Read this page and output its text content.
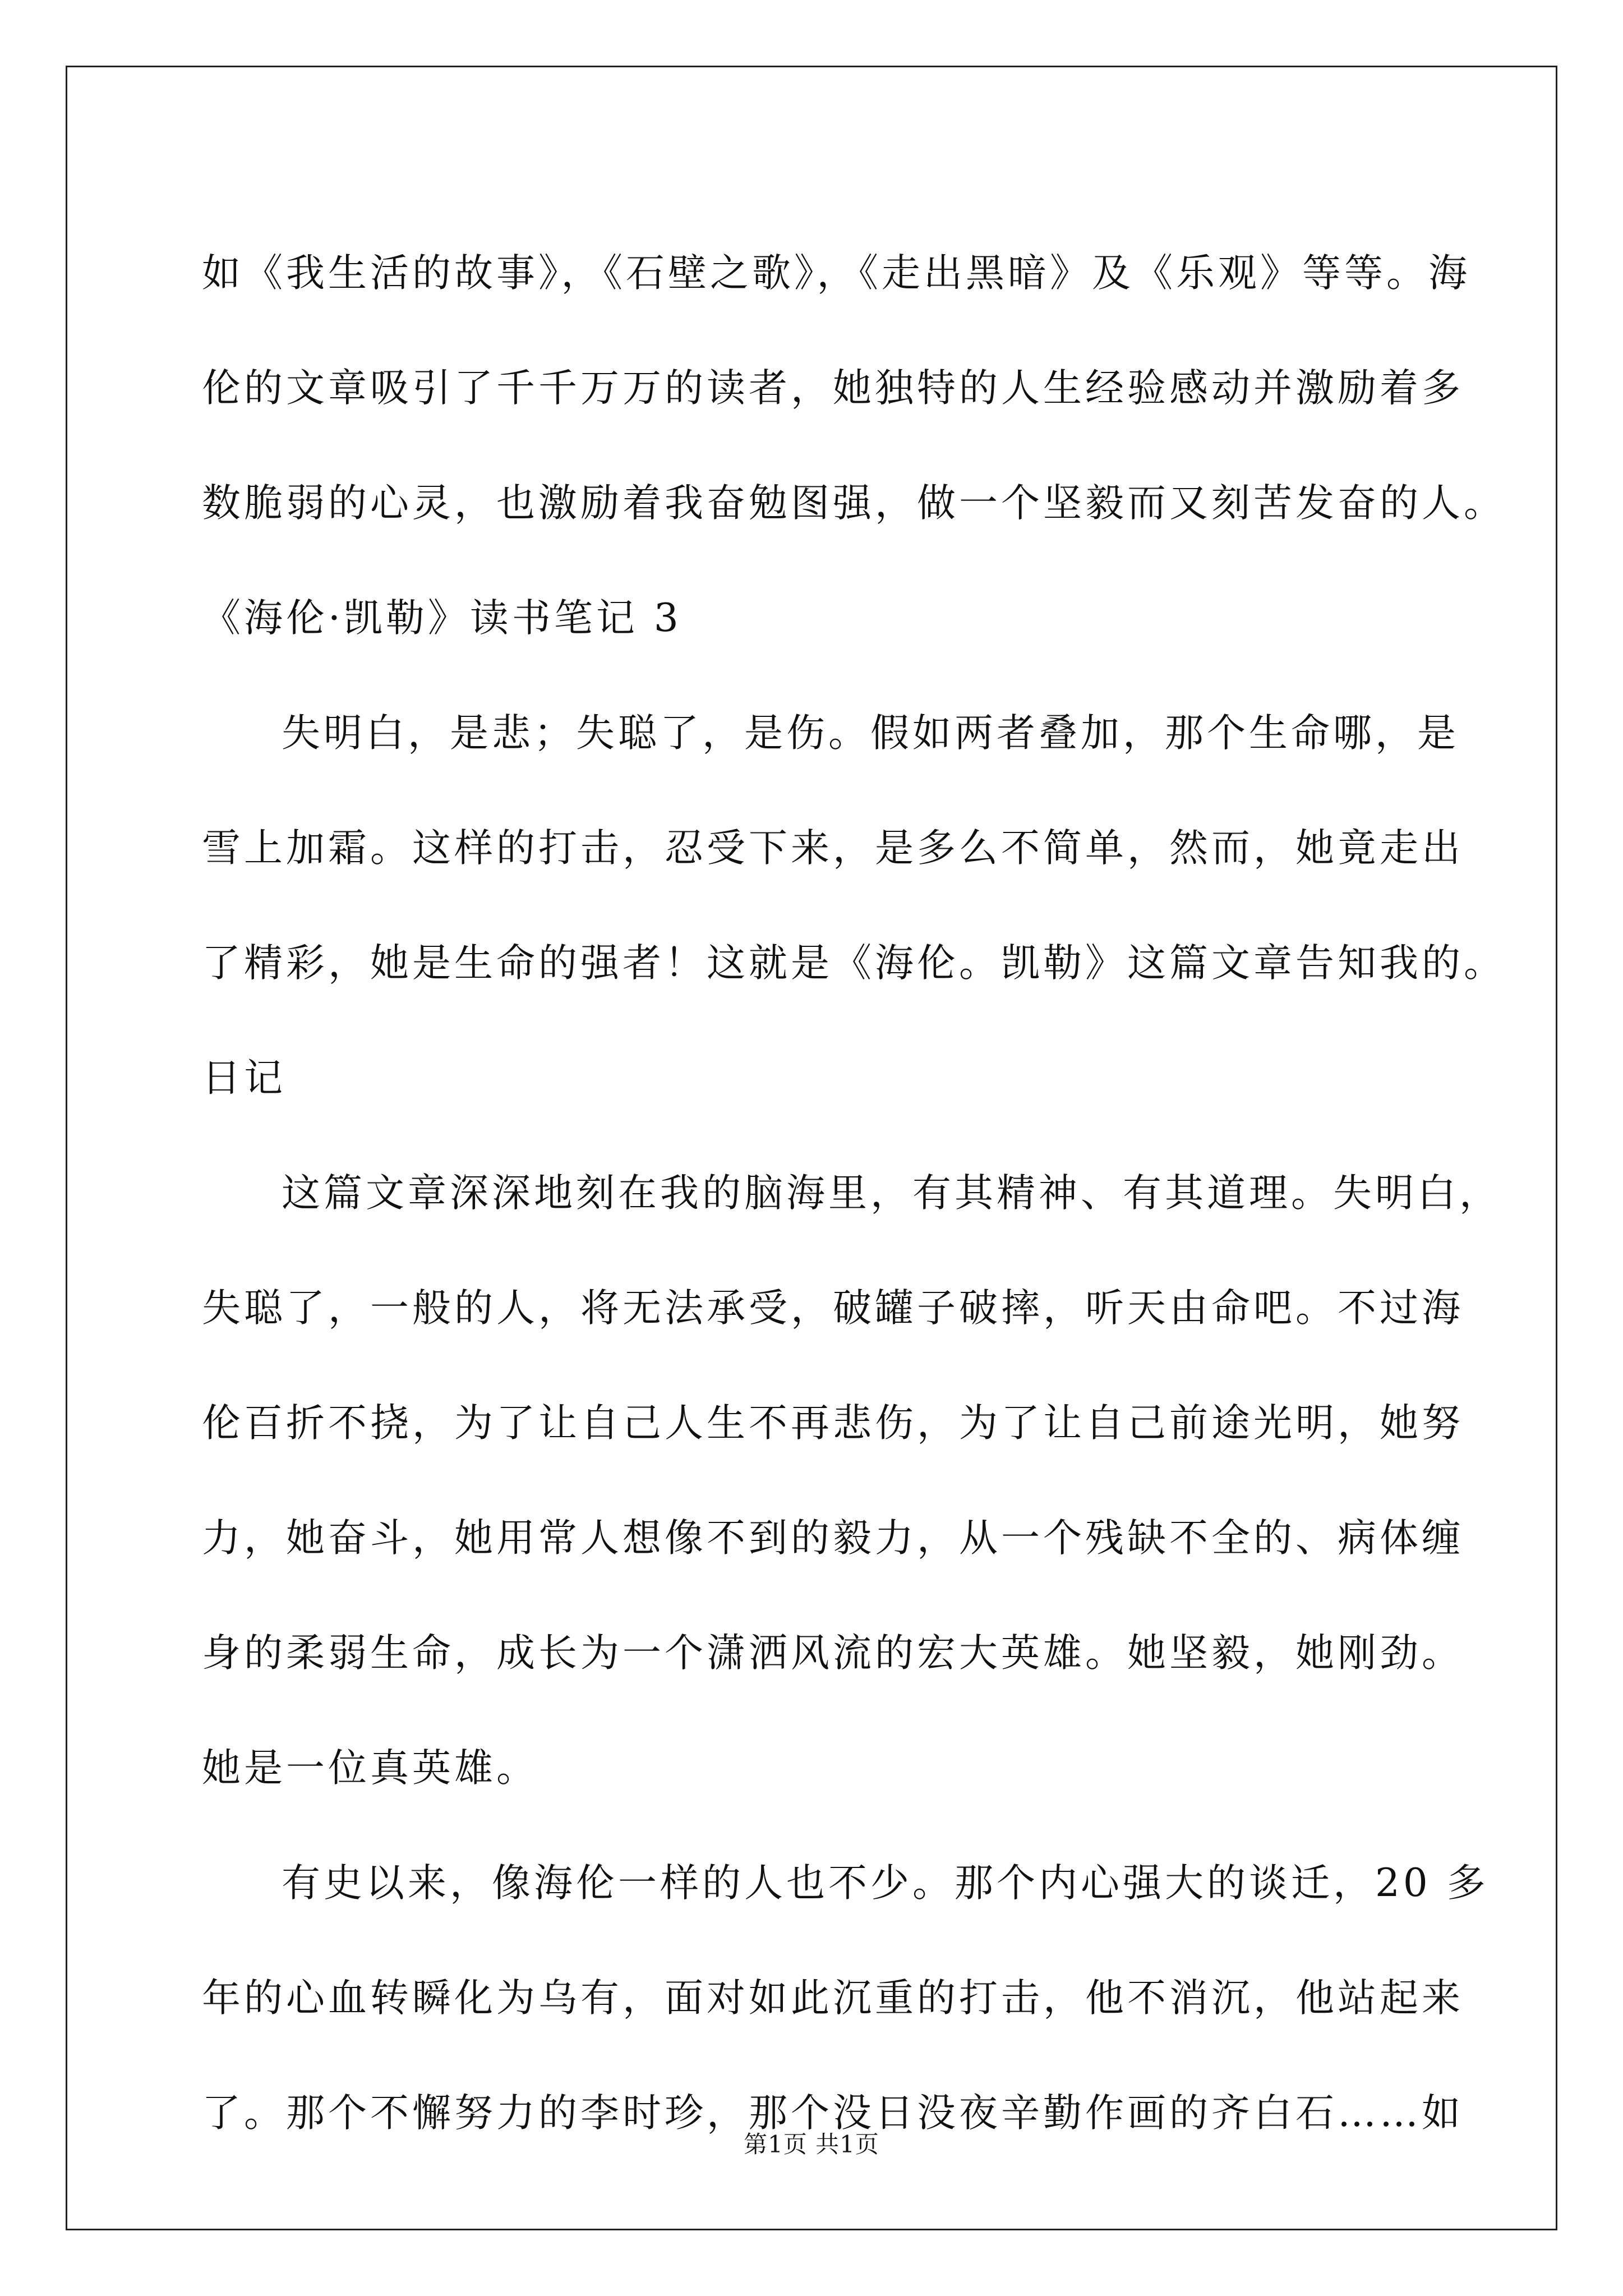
如《我生活的故事》，《石壁之歌》，《走出黑暗》及《乐观》等等。海
伦的文章吸引了千千万万的读者，她独特的人生经验感动并激励着多
数脆弱的心灵，也激励着我奋勉图强，做一个坚毅而又刻苦发奋的人。
《海伦·凯勒》读书笔记 3
失明白，是悲；失聪了，是伤。假如两者叠加，那个生命哪，是
雪上加霜。这样的打击，忍受下来，是多么不简单，然而，她竟走出
了精彩，她是生命的强者！这就是《海伦。凯勒》这篇文章告知我的。
日记
这篇文章深深地刻在我的脑海里，有其精神、有其道理。失明白，
失聪了，一般的人，将无法承受，破罐子破摔，听天由命吧。不过海
伦百折不挠，为了让自己人生不再悲伤，为了让自己前途光明，她努
力，她奋斗，她用常人想像不到的毅力，从一个残缺不全的、病体缠
身的柔弱生命，成长为一个潇洒风流的宏大英雄。她坚毅，她刚劲。
她是一位真英雄。
有史以来，像海伦一样的人也不少。那个内心强大的谈迁，20 多
年的心血转瞬化为乌有，面对如此沉重的打击，他不消沉，他站起来
了。那个不懈努力的李时珍，那个没日没夜辛勤作画的齐白石……如
第1页 共1页
